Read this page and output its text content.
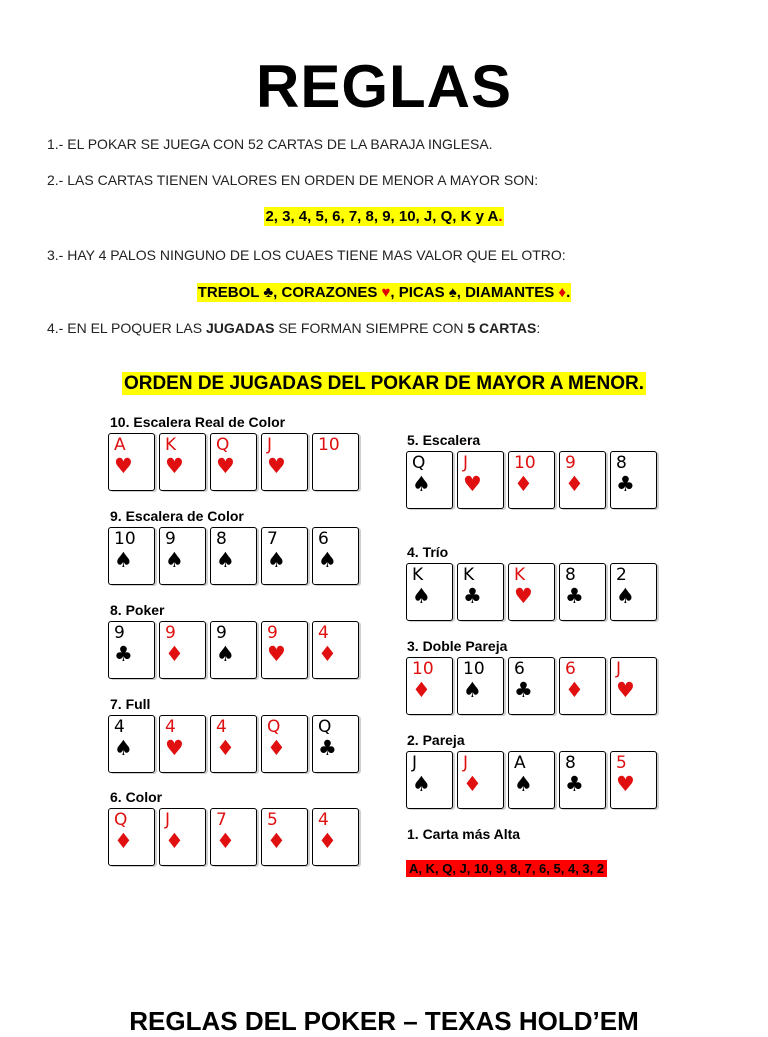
REGLAS
1.- EL POKAR SE JUEGA CON 52 CARTAS DE LA BARAJA INGLESA.
2.- LAS CARTAS TIENEN VALORES EN ORDEN DE MENOR A MAYOR SON:
2, 3, 4, 5, 6, 7, 8, 9, 10, J, Q, K y A.
3.- HAY 4 PALOS NINGUNO DE LOS CUAES TIENE MAS VALOR QUE EL OTRO:
TREBOL ♣, CORAZONES ♥, PICAS ♠, DIAMANTES ♦.
4.- EN EL POQUER LAS JUGADAS SE FORMAN SIEMPRE CON 5 CARTAS:
ORDEN DE JUGADAS DEL POKAR DE MAYOR A MENOR.
10. Escalera Real de Color
A
♥
K
♥
Q
♥
J
♥
10
9. Escalera de Color
10
♠
9
♠
8
♠
7
♠
6
♠
8. Poker
9
♣
9
♦
9
♠
9
♥
4
♦
7. Full
4
♠
4
♥
4
♦
Q
♦
Q
♣
6. Color
Q
♦
J
♦
7
♦
5
♦
4
♦
5. Escalera
Q
♠
J
♥
10
♦
9
♦
8
♣
4. Trío
K
♠
K
♣
K
♥
8
♣
2
♠
3. Doble Pareja
10
♦
10
♠
6
♣
6
♦
J
♥
2. Pareja
J
♠
J
♦
A
♠
8
♣
5
♥
1. Carta más Alta
A, K, Q, J, 10, 9, 8, 7, 6, 5, 4, 3, 2
REGLAS DEL POKER – TEXAS HOLD’EM
